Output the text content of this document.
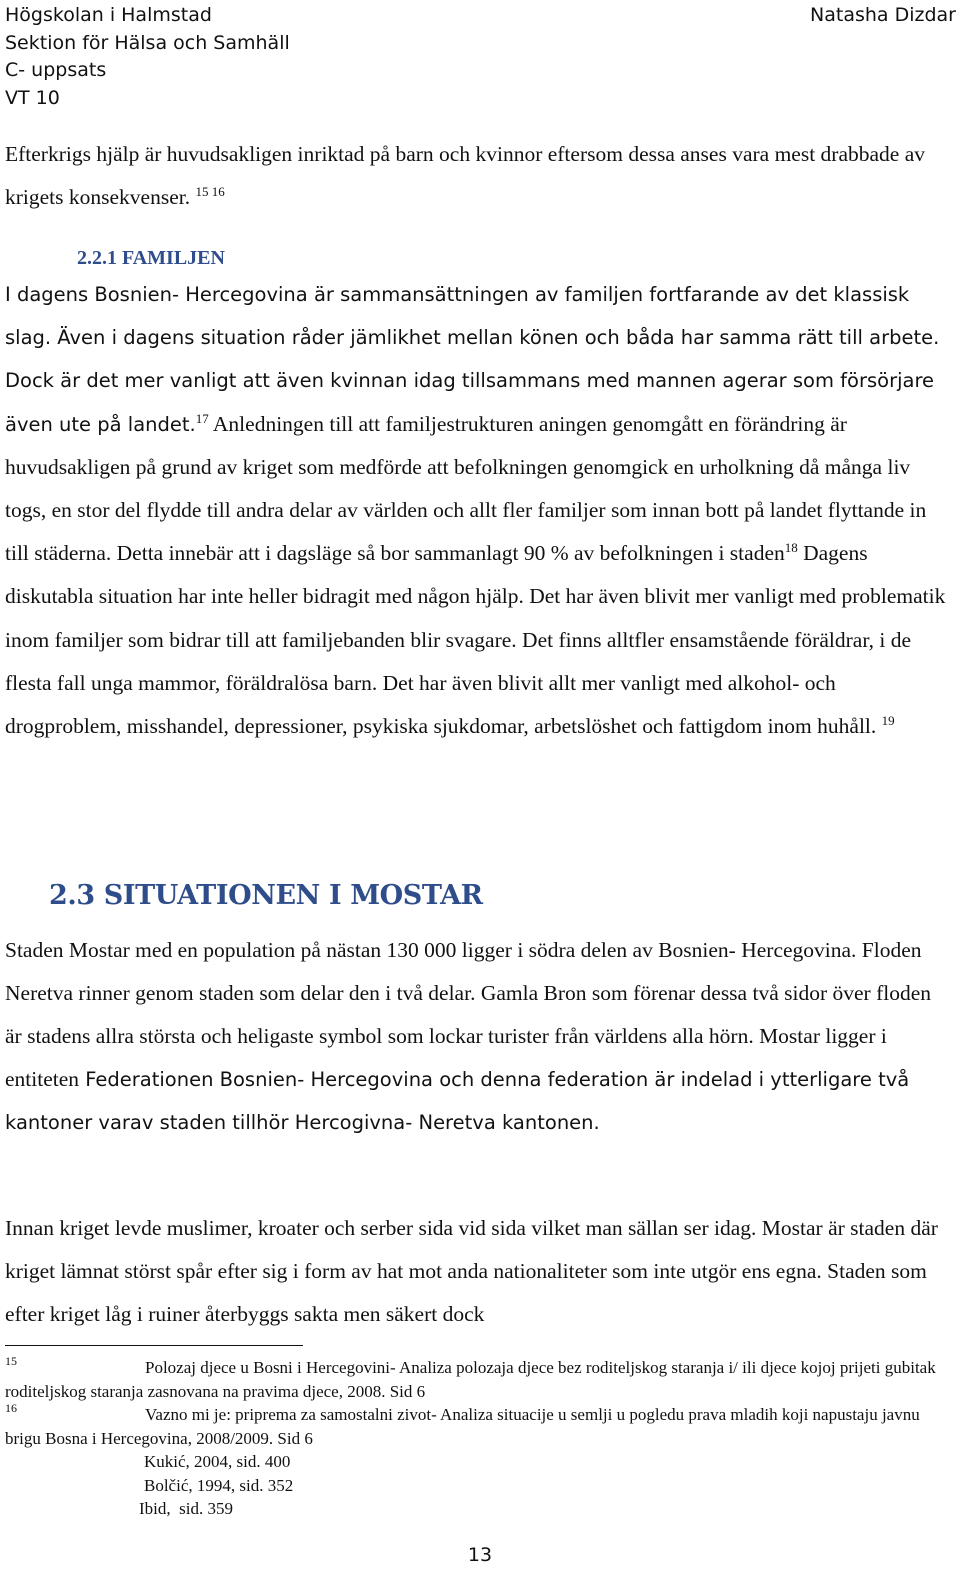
Högskolan i Halmstad
Sektion för Hälsa och Samhäll
C- uppsats
VT 10
Natasha Dizdar
Efterkrigs hjälp är huvudsakligen inriktad på barn och kvinnor eftersom dessa anses vara mest drabbade av krigets konsekvenser. $^{15 16}$
2.2.1 FAMILJEN
I dagens Bosnien- Hercegovina är sammansättningen av familjen fortfarande av det klassisk slag. Även i dagens situation råder jämlikhet mellan könen och båda har samma rätt till arbete. Dock är det mer vanligt att även kvinnan idag tillsammans med mannen agerar som försörjare även ute på landet.$^{17}$ Anledningen till att familjestrukturen aningen genomgått en förändring är huvudsakligen på grund av kriget som medförde att befolkningen genomgick en urholkning då många liv togs, en stor del flydde till andra delar av världen och allt fler familjer som innan bott på landet flyttande in till städerna. Detta innebär att i dagsläge så bor sammanlagt 90 % av befolkningen i staden$^{18}$ Dagens diskutabla situation har inte heller bidragit med någon hjälp. Det har även blivit mer vanligt med problematik inom familjer som bidrar till att familjebanden blir svagare. Det finns alltfler ensamstående föräldrar, i de flesta fall unga mammor, föräldralösa barn. Det har även blivit allt mer vanligt med alkohol- och drogproblem, misshandel, depressioner, psykiska sjukdomar, arbetslöshet och fattigdom inom huhåll. $^{19}$
2.3 SITUATIONEN I MOSTAR
Staden Mostar med en population på nästan 130 000 ligger i södra delen av Bosnien- Hercegovina. Floden Neretva rinner genom staden som delar den i två delar. Gamla Bron som förenar dessa två sidor över floden är stadens allra största och heligaste symbol som lockar turister från världens alla hörn. Mostar ligger i entiteten Federationen Bosnien- Hercegovina och denna federation är indelad i ytterligare två kantoner varav staden tillhör Hercogivna- Neretva kantonen.
Innan kriget levde muslimer, kroater och serber sida vid sida vilket man sällan ser idag. Mostar är staden där kriget lämnat störst spår efter sig i form av hat mot anda nationaliteter som inte utgör ens egna. Staden som efter kriget låg i ruiner återbyggs sakta men säkert dock
15	Polozaj djece u Bosni i Hercegovini- Analiza polozaja djece bez roditeljskog staranja i/ ili djece kojoj prijeti gubitak roditeljskog staranja zasnovana na pravima djece, 2008. Sid 6
16	Vazno mi je: priprema za samostalni zivot- Analiza situacije u semlji u pogledu prava mladih koji napustaju javnu brigu Bosna i Hercegovina, 2008/2009. Sid 6
Kukić, 2004, sid. 400
Bolčić, 1994, sid. 352
Ibid,  sid. 359
13
